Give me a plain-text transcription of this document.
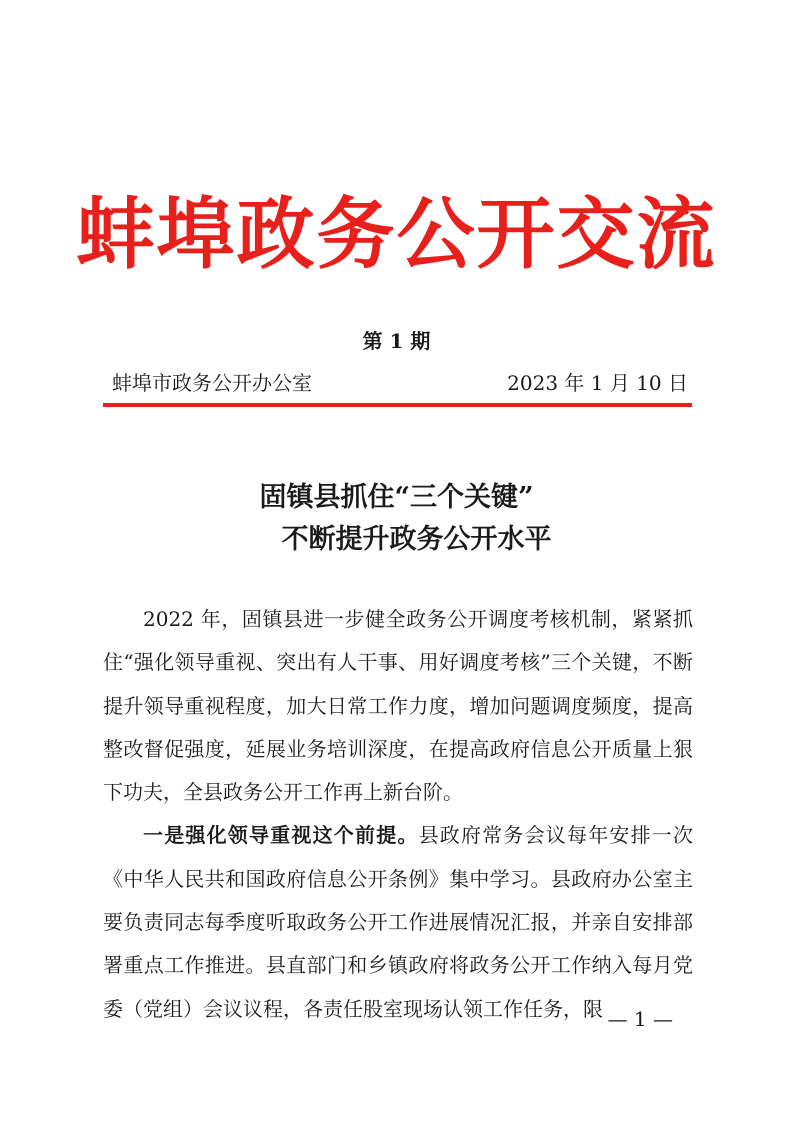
蚌埠政务公开交流
第 1 期
蚌埠市政务公开办公室	2023 年 1 月 10 日
固镇县抓住“三个关键”
不断提升政务公开水平

2022 年，固镇县进一步健全政务公开调度考核机制，紧紧抓住“强化领导重视、突出有人干事、用好调度考核”三个关键，不断提升领导重视程度，加大日常工作力度，增加问题调度频度，提高整改督促强度，延展业务培训深度，在提高政府信息公开质量上狠下功夫，全县政务公开工作再上新台阶。

一是强化领导重视这个前提。县政府常务会议每年安排一次《中华人民共和国政府信息公开条例》集中学习。县政府办公室主要负责同志每季度听取政务公开工作进展情况汇报，并亲自安排部署重点工作推进。县直部门和乡镇政府将政务公开工作纳入每月党委（党组）会议议程，各责任股室现场认领工作任务，限 — 1 —
